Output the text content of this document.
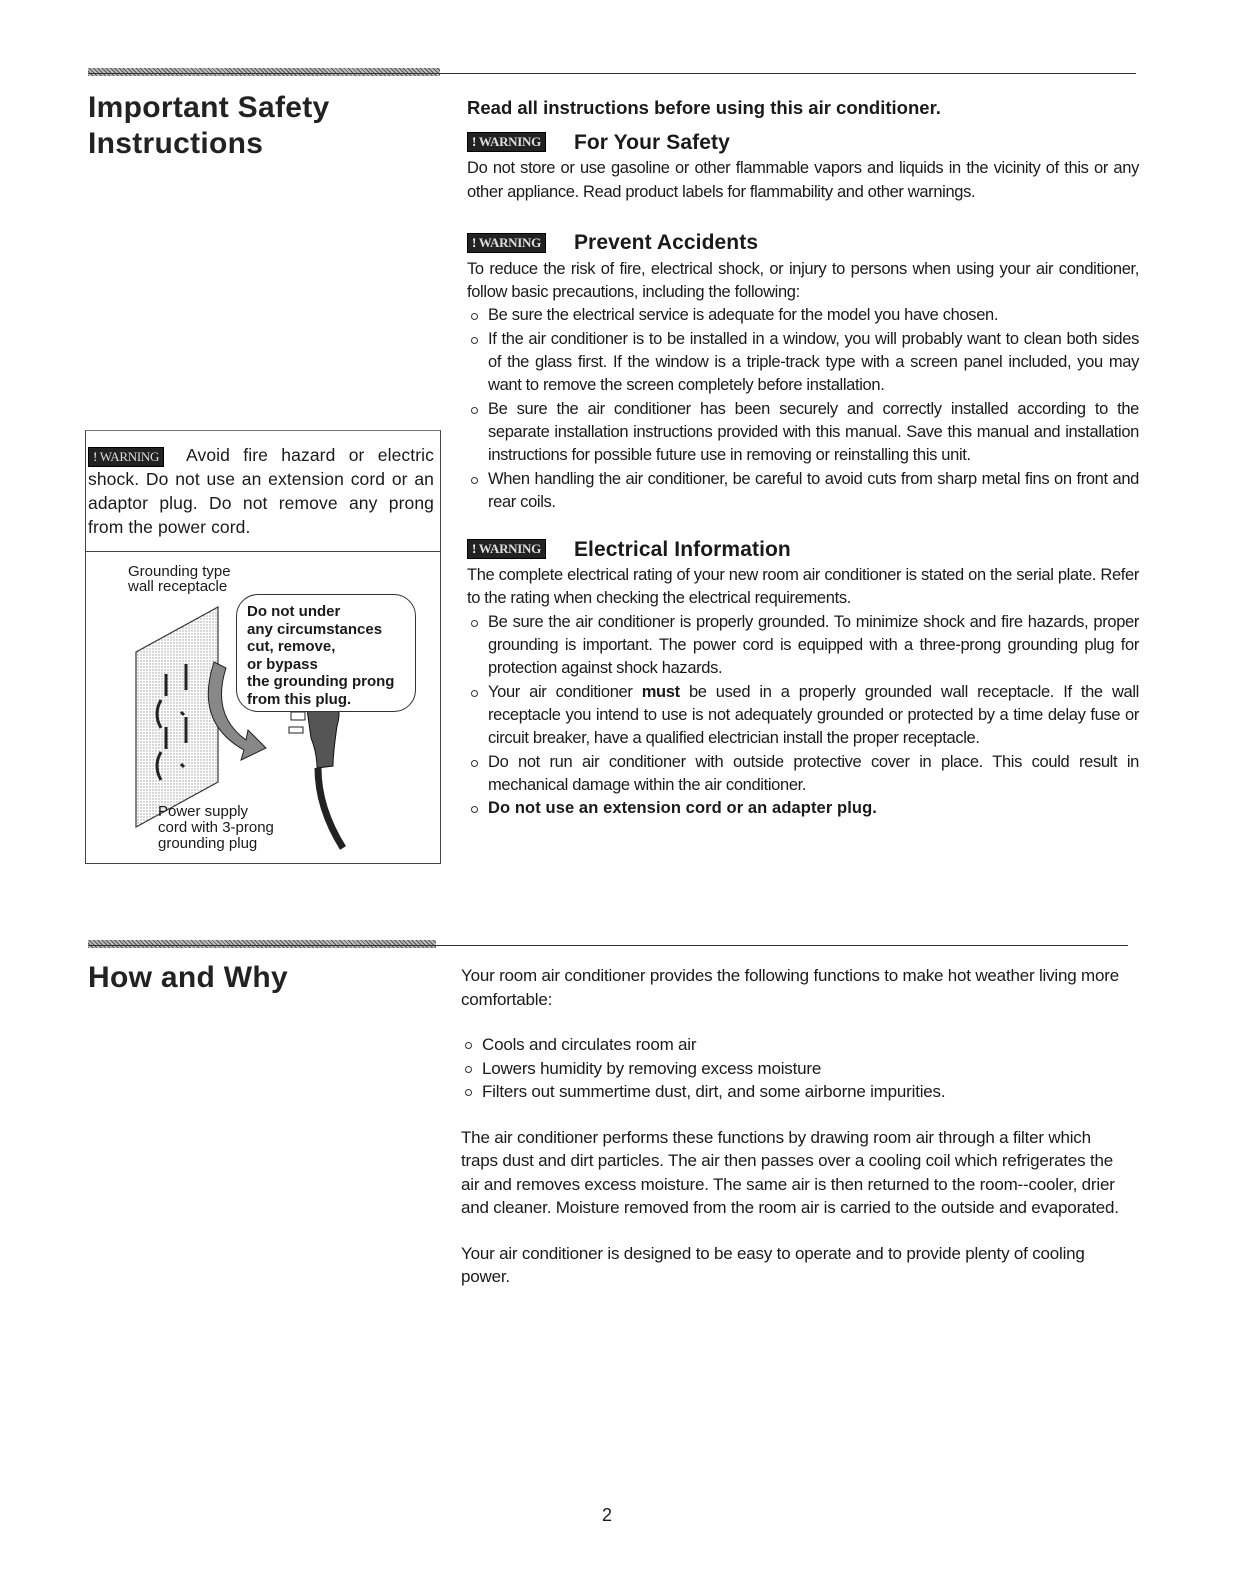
Important Safety Instructions
Read all instructions before using this air conditioner.
! WARNING For Your Safety

Do not store or use gasoline or other flammable vapors and liquids in the vicinity of this or any other appliance. Read product labels for flammability and other warnings.

! WARNING Prevent Accidents

To reduce the risk of fire, electrical shock, or injury to persons when using your air conditioner, follow basic precautions, including the following:

Be sure the electrical service is adequate for the model you have chosen.
If the air conditioner is to be installed in a window, you will probably want to clean both sides of the glass first. If the window is a triple-track type with a screen panel included, you may want to remove the screen completely before installation.
Be sure the air conditioner has been securely and correctly installed according to the separate installation instructions provided with this manual. Save this manual and installation instructions for possible future use in removing or reinstalling this unit.
When handling the air conditioner, be careful to avoid cuts from sharp metal fins on front and rear coils.
! WARNING Electrical Information

The complete electrical rating of your new room air conditioner is stated on the serial plate. Refer to the rating when checking the electrical requirements.

Be sure the air conditioner is properly grounded. To minimize shock and fire hazards, proper grounding is important. The power cord is equipped with a three-prong grounding plug for protection against shock hazards.
Your air conditioner must be used in a properly grounded wall receptacle. If the wall receptacle you intend to use is not adequately grounded or protected by a time delay fuse or circuit breaker, have a qualified electrician install the proper receptacle.
Do not run air conditioner with outside protective cover in place. This could result in mechanical damage within the air conditioner.
Do not use an extension cord or an adapter plug.
! WARNING Avoid fire hazard or electric shock. Do not use an extension cord or an adaptor plug. Do not remove any prong from the power cord.
Grounding type
wall receptacle
Do not under
any circumstances
cut, remove,
or bypass
the grounding prong
from this plug.
Power supply
cord with 3-prong
grounding plug
How and Why	Your room air conditioner provides the following functions to make hot weather living more comfortable:

Cools and circulates room air
Lowers humidity by removing excess moisture
Filters out summertime dust, dirt, and some airborne impurities.

The air conditioner performs these functions by drawing room air through a filter which traps dust and dirt particles. The air then passes over a cooling coil which refrigerates the air and removes excess moisture. The same air is then returned to the room--cooler, drier and cleaner. Moisture removed from the room air is carried to the outside and evaporated.

Your air conditioner is designed to be easy to operate and to provide plenty of cooling power.

2
